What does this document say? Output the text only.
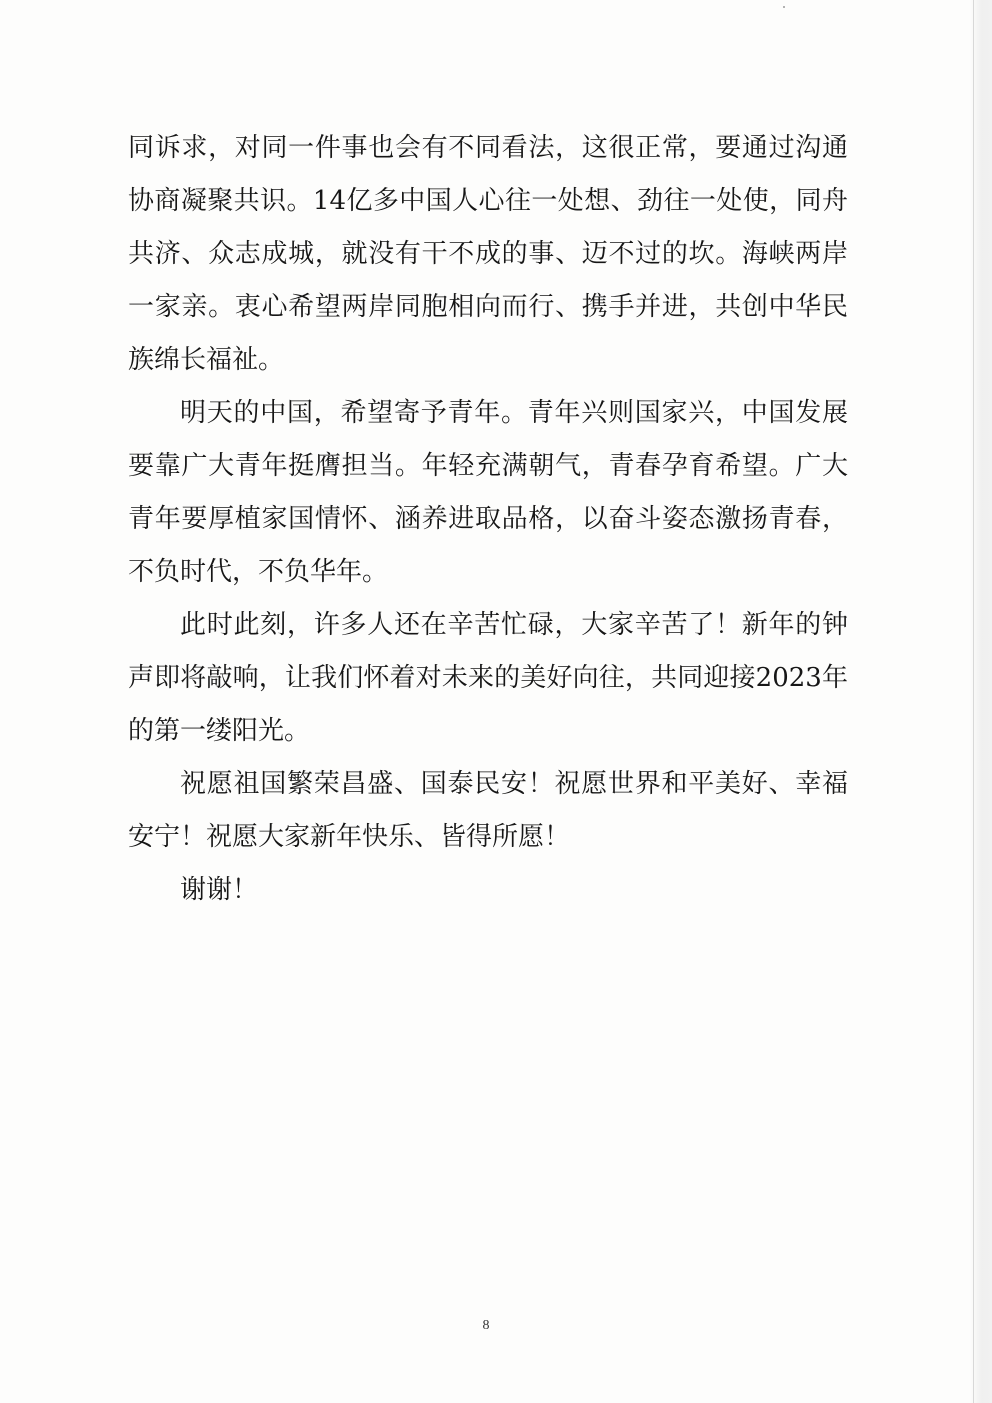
同诉求，对同一件事也会有不同看法，这很正常，要通过沟通
协商凝聚共识。14亿多中国人心往一处想、劲往一处使，同舟
共济、众志成城，就没有干不成的事、迈不过的坎。海峡两岸
一家亲。衷心希望两岸同胞相向而行、携手并进，共创中华民
族绵长福祉。
明天的中国，希望寄予青年。青年兴则国家兴，中国发展
要靠广大青年挺膺担当。年轻充满朝气，青春孕育希望。广大
青年要厚植家国情怀、涵养进取品格，以奋斗姿态激扬青春，
不负时代，不负华年。
此时此刻，许多人还在辛苦忙碌，大家辛苦了！新年的钟
声即将敲响，让我们怀着对未来的美好向往，共同迎接2023年
的第一缕阳光。
祝愿祖国繁荣昌盛、国泰民安！祝愿世界和平美好、幸福
安宁！祝愿大家新年快乐、皆得所愿！
谢谢！
8
